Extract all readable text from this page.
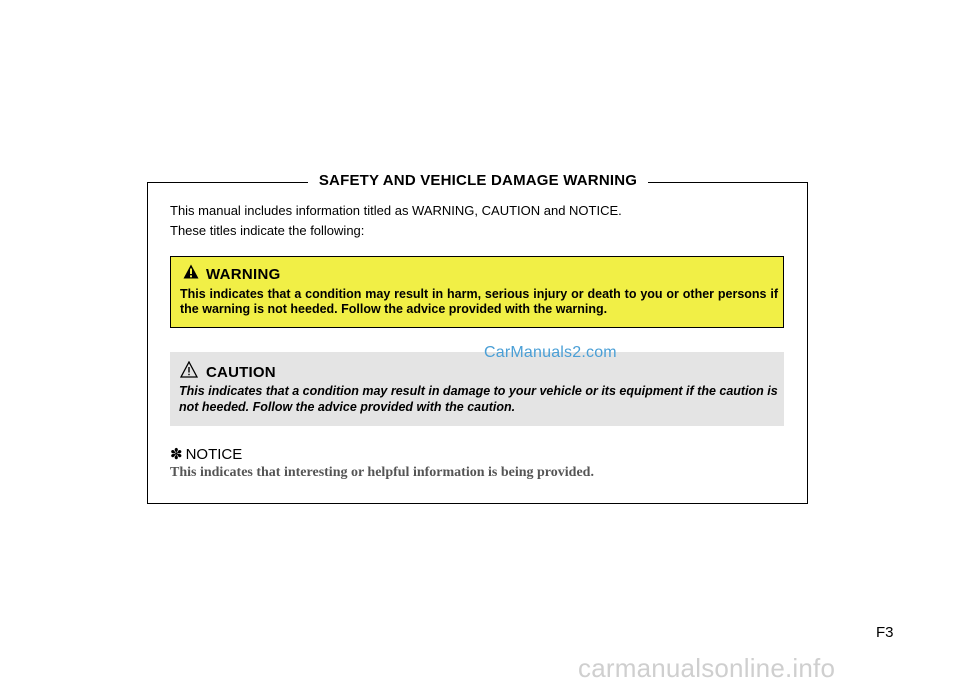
SAFETY AND VEHICLE DAMAGE WARNING
This manual includes information titled as WARNING, CAUTION and NOTICE.
These titles indicate the following:
WARNING
This indicates that a condition may result in harm, serious injury or death to you or other persons if the warning is not heeded. Follow the advice provided with the warning.
CAUTION
This indicates that a condition may result in damage to your vehicle or its equipment if the caution is not heeded. Follow the advice provided with the caution.
CarManuals2.com
✽ NOTICE
This indicates that interesting or helpful information is being provided.
F3
carmanualsonline.info
